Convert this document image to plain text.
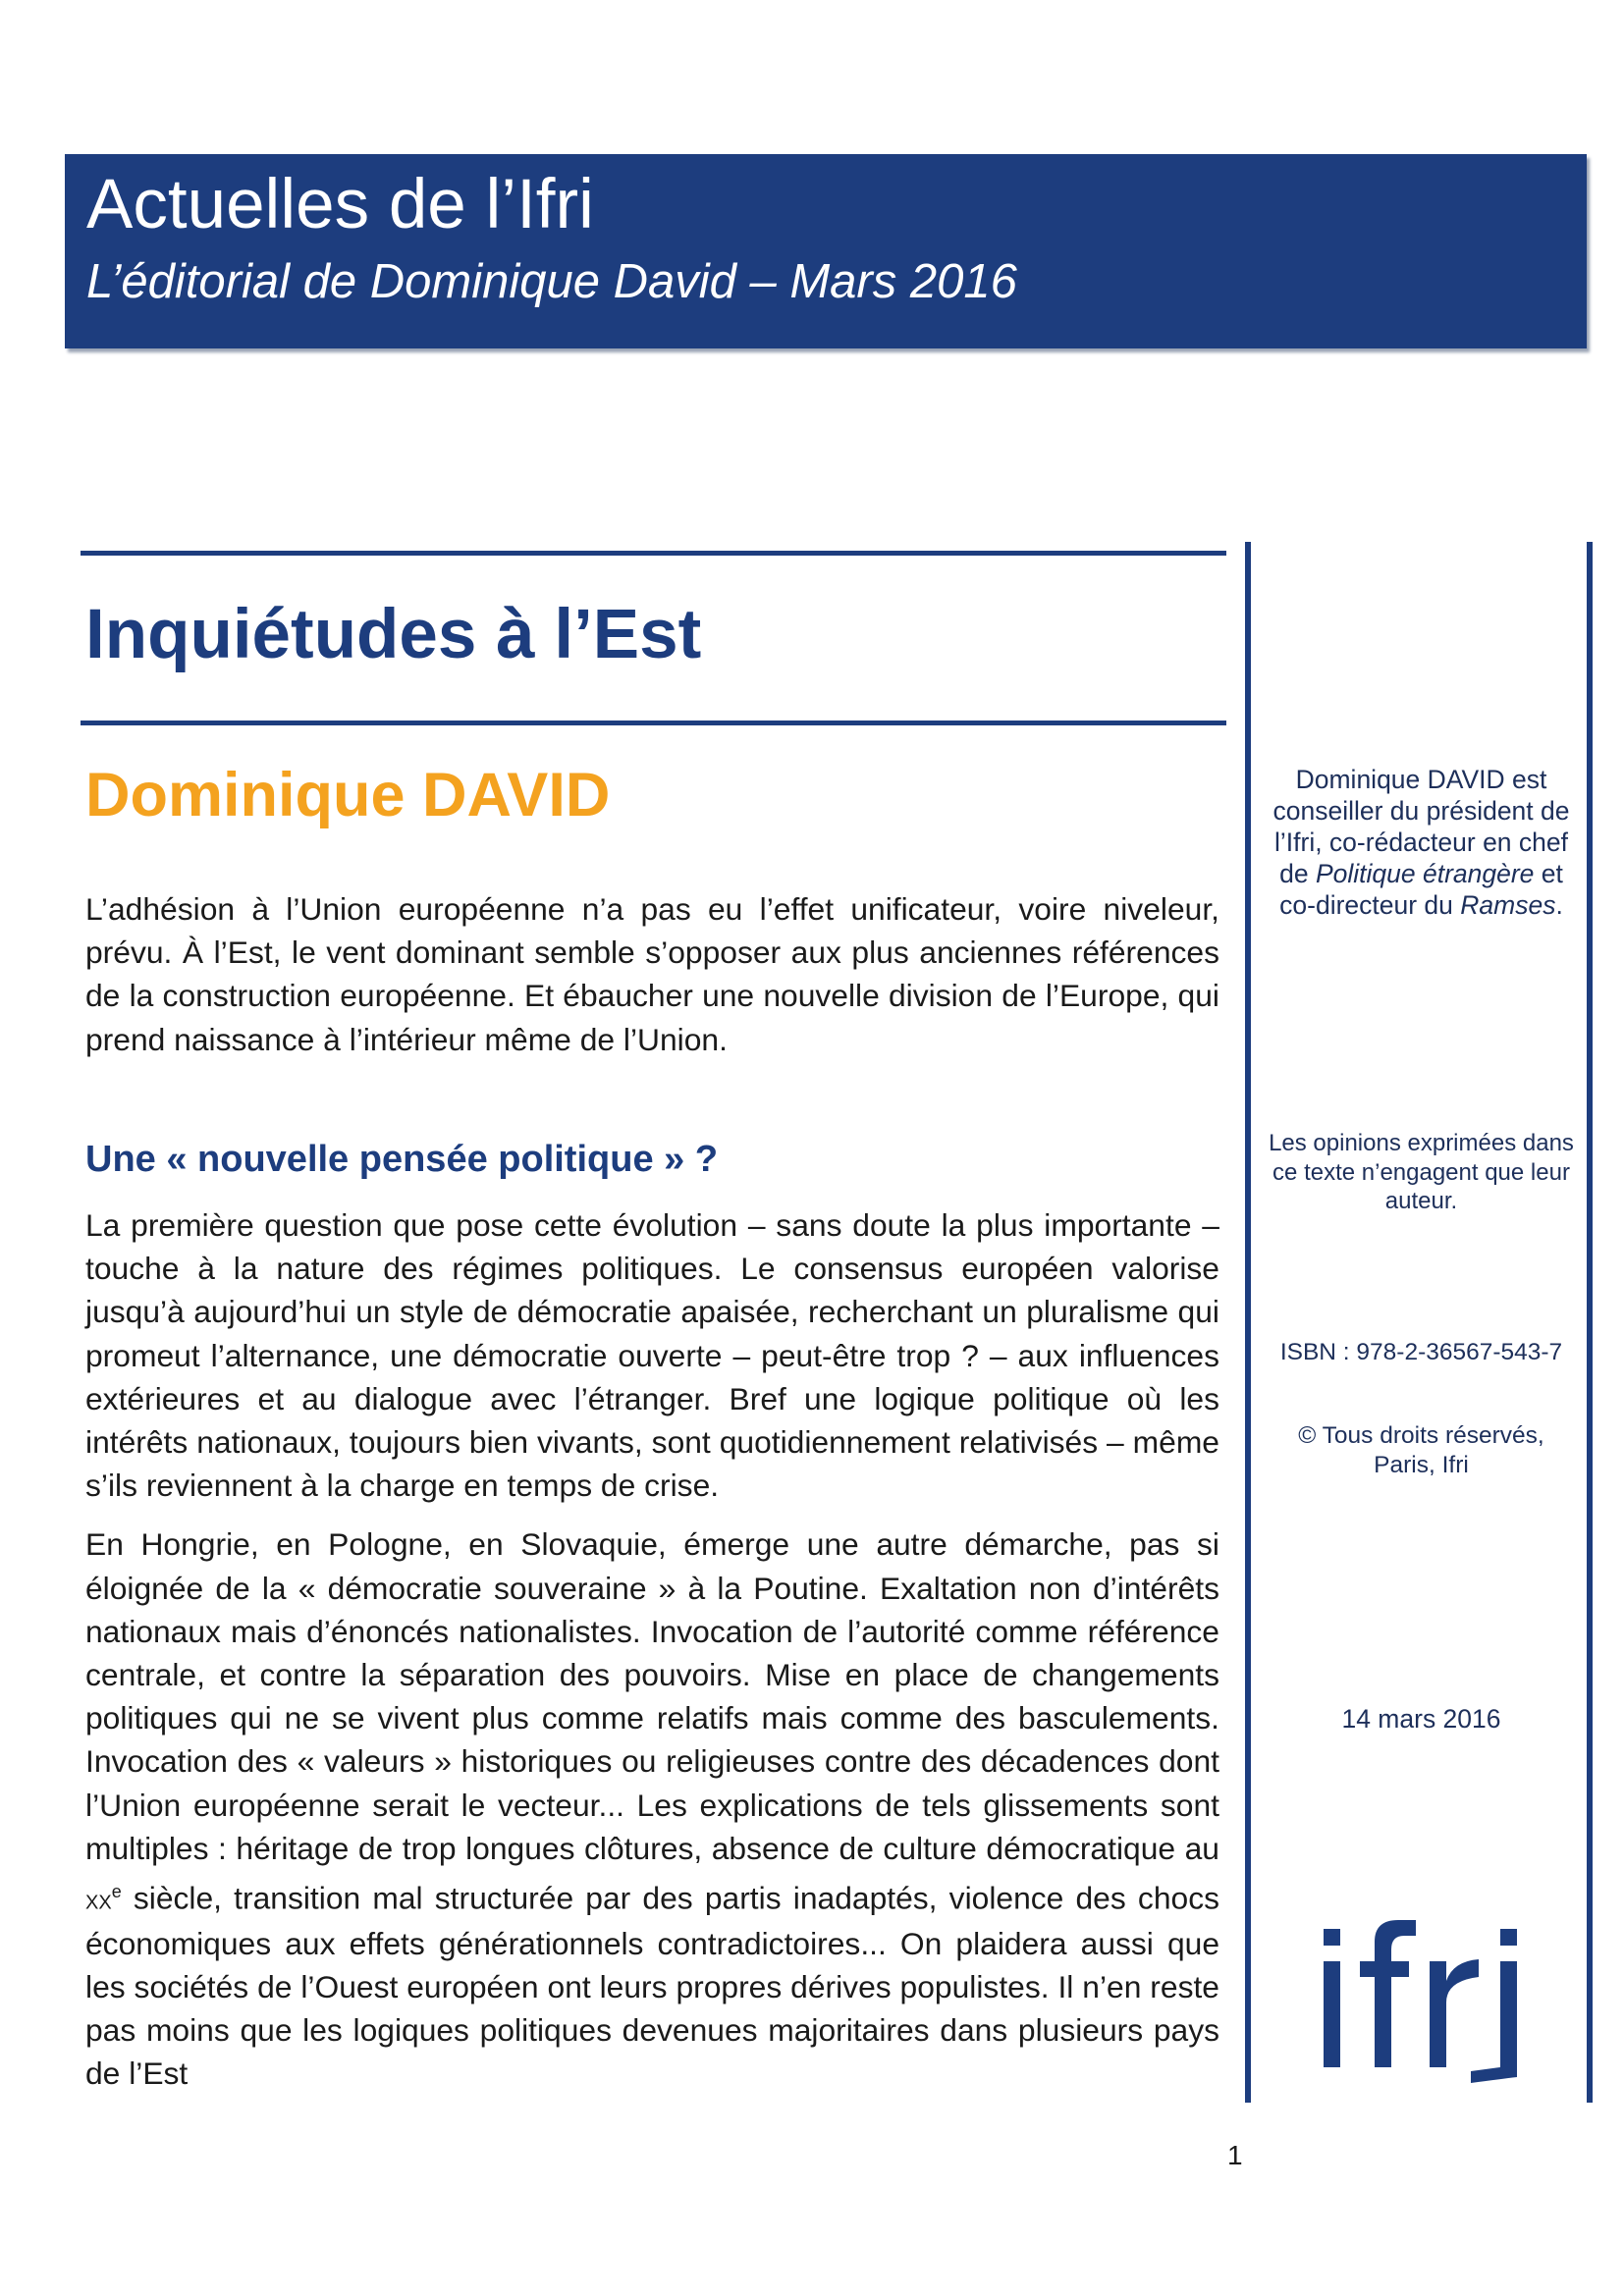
Actuelles de l’Ifri
L’éditorial de Dominique David – Mars 2016
Inquiétudes à l’Est
Dominique DAVID

L’adhésion à l’Union européenne n’a pas eu l’effet unificateur, voire niveleur, prévu. À l’Est, le vent dominant semble s’opposer aux plus anciennes références de la construction européenne. Et ébaucher une nouvelle division de l’Europe, qui prend naissance à l’intérieur même de l’Union.

Une « nouvelle pensée politique » ?

La première question que pose cette évolution – sans doute la plus importante – touche à la nature des régimes politiques. Le consensus européen valorise jusqu’à aujourd’hui un style de démocratie apaisée, recherchant un pluralisme qui promeut l’alternance, une démocratie ouverte – peut-être trop ? – aux influences extérieures et au dialogue avec l’étranger. Bref une logique politique où les intérêts nationaux, toujours bien vivants, sont quotidiennement relativisés – même s’ils reviennent à la charge en temps de crise.

En Hongrie, en Pologne, en Slovaquie, émerge une autre démarche, pas si éloignée de la « démocratie souveraine » à la Poutine. Exaltation non d’intérêts nationaux mais d’énoncés nationalistes. Invocation de l’autorité comme référence centrale, et contre la séparation des pouvoirs. Mise en place de changements politiques qui ne se vivent plus comme relatifs mais comme des basculements. Invocation des « valeurs » historiques ou religieuses contre des décadences dont l’Union européenne serait le vecteur... Les explications de tels glissements sont multiples : héritage de trop longues clôtures, absence de culture démocratique au $xx^e$ siècle, transition mal structurée par des partis inadaptés, violence des chocs économiques aux effets générationnels contradictoires... On plaidera aussi que les sociétés de l’Ouest européen ont leurs propres dérives populistes. Il n’en reste pas moins que les logiques politiques devenues majoritaires dans plusieurs pays de l’Est

Dominique DAVID est conseiller du président de l’Ifri, co-rédacteur en chef de Politique étrangère et co-directeur du Ramses.
Les opinions exprimées dans ce texte n’engagent que leur auteur.
ISBN : 978-2-36567-543-7
© Tous droits réservés, Paris, Ifri
14 mars 2016
1
